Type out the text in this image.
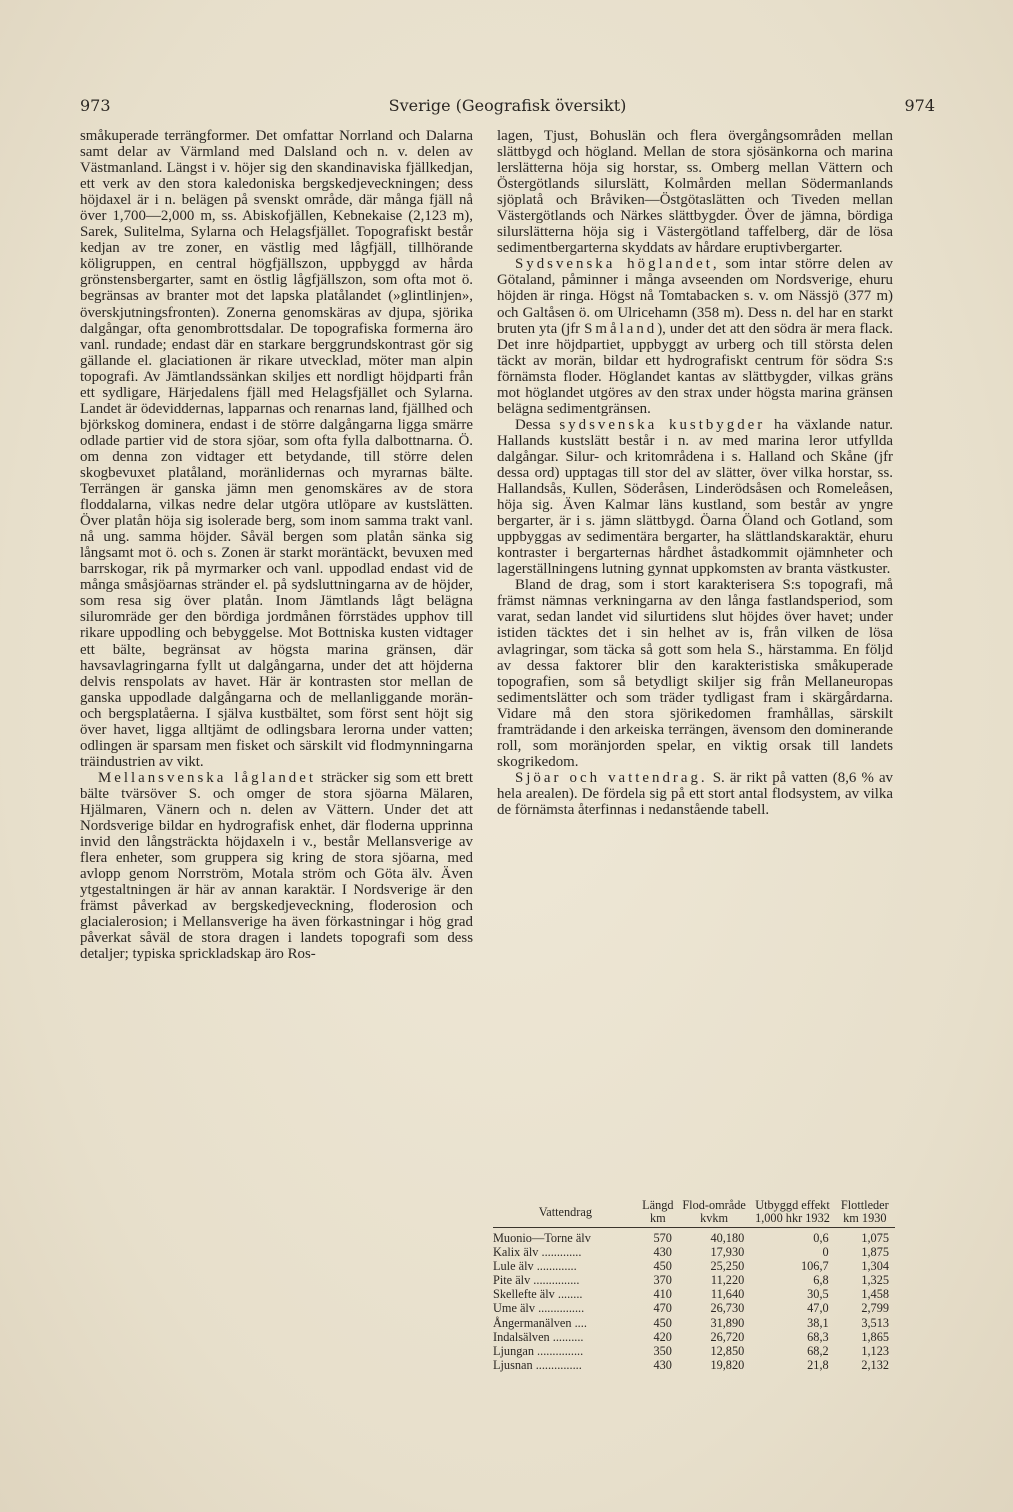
973	Sverige (Geografisk översikt)	974

småkuperade terrängformer. Det omfattar Norrland och Dalarna samt delar av Värmland med Dalsland och n. v. delen av Västmanland. Längst i v. höjer sig den skandinaviska fjällkedjan, ett verk av den stora kaledoniska bergskedjeveckningen; dess höjdaxel är i n. belägen på svenskt område, där många fjäll nå över 1,700—2,000 m, ss. Abiskofjällen, Kebnekaise (2,123 m), Sarek, Sulitelma, Sylarna och Helagsfjället. Topografiskt består kedjan av tre zoner, en västlig med lågfjäll, tillhörande köligruppen, en central högfjällszon, uppbyggd av hårda grönstensbergarter, samt en östlig lågfjällszon, som ofta mot ö. begränsas av branter mot det lapska platålandet (»glintlinjen», överskjutningsfronten). Zonerna genomskäras av djupa, sjörika dalgångar, ofta genombrottsdalar. De topografiska formerna äro vanl. rundade; endast där en starkare berggrundskontrast gör sig gällande el. glaciationen är rikare utvecklad, möter man alpin topografi. Av Jämtlandssänkan skiljes ett nordligt höjdparti från ett sydligare, Härjedalens fjäll med Helagsfjället och Sylarna. Landet är ödeviddernas, lapparnas och renarnas land, fjällhed och björkskog dominera, endast i de större dalgångarna ligga smärre odlade partier vid de stora sjöar, som ofta fylla dalbottnarna. Ö. om denna zon vidtager ett betydande, till större delen skogbevuxet platåland, moränlidernas och myrarnas bälte. Terrängen är ganska jämn men genomskäres av de stora floddalarna, vilkas nedre delar utgöra utlöpare av kustslätten. Över platån höja sig isolerade berg, som inom samma trakt vanl. nå ung. samma höjder. Såväl bergen som platån sänka sig långsamt mot ö. och s. Zonen är starkt moräntäckt, bevuxen med barrskogar, rik på myrmarker och vanl. uppodlad endast vid de många småsjöarnas stränder el. på sydsluttningarna av de höjder, som resa sig över platån. Inom Jämtlands lågt belägna siluromräde ger den bördiga jordmånen förrstädes upphov till rikare uppodling och bebyggelse. Mot Bottniska kusten vidtager ett bälte, begränsat av högsta marina gränsen, där havsavlagringarna fyllt ut dalgångarna, under det att höjderna delvis renspolats av havet. Här är kontrasten stor mellan de ganska uppodlade dalgångarna och de mellanliggande morän- och bergsplatåerna. I själva kustbältet, som först sent höjt sig över havet, ligga alltjämt de odlingsbara lerorna under vatten; odlingen är sparsam men fisket och särskilt vid flodmynningarna träindustrien av vikt.

Mellansvenska låglandet sträcker sig som ett brett bälte tvärsöver S. och omger de stora sjöarna Mälaren, Hjälmaren, Vänern och n. delen av Vättern. Under det att Nordsverige bildar en hydrografisk enhet, där floderna upprinna invid den långsträckta höjdaxeln i v., består Mellansverige av flera enheter, som gruppera sig kring de stora sjöarna, med avlopp genom Norrström, Motala ström och Göta älv. Även ytgestaltningen är här av annan karaktär. I Nordsverige är den främst påverkad av bergskedjeveckning, floderosion och glacialerosion; i Mellansverige ha även förkastningar i hög grad påverkat såväl de stora dragen i landets topografi som dess detaljer; typiska sprickladskap äro Ros-

lagen, Tjust, Bohuslän och flera övergångsområden mellan slättbygd och högland. Mellan de stora sjösänkorna och marina lerslätterna höja sig horstar, ss. Omberg mellan Vättern och Östergötlands silurslätt, Kolmården mellan Södermanlands sjöplatå och Bråviken—Östgötaslätten och Tiveden mellan Västergötlands och Närkes slättbygder. Över de jämna, bördiga silurslätterna höja sig i Västergötland taffelberg, där de lösa sedimentbergarterna skyddats av hårdare eruptivbergarter.

Sydsvenska höglandet, som intar större delen av Götaland, påminner i många avseenden om Nordsverige, ehuru höjden är ringa. Högst nå Tomtabacken s. v. om Nässjö (377 m) och Galtåsen ö. om Ulricehamn (358 m). Dess n. del har en starkt bruten yta (jfr Småland), under det att den södra är mera flack. Det inre höjdpartiet, uppbyggt av urberg och till största delen täckt av morän, bildar ett hydrografiskt centrum för södra S:s förnämsta floder. Höglandet kantas av slättbygder, vilkas gräns mot höglandet utgöres av den strax under högsta marina gränsen belägna sedimentgränsen.

Dessa sydsvenska kustbygder ha växlande natur. Hallands kustslätt består i n. av med marina leror utfyllda dalgångar. Silur- och kritområdena i s. Halland och Skåne (jfr dessa ord) upptagas till stor del av slätter, över vilka horstar, ss. Hallandsås, Kullen, Söderåsen, Linderödsåsen och Romeleåsen, höja sig. Även Kalmar läns kustland, som består av yngre bergarter, är i s. jämn slättbygd. Öarna Öland och Gotland, som uppbyggas av sedimentära bergarter, ha slättlandskaraktär, ehuru kontraster i bergarternas hårdhet åstadkommit ojämnheter och lagerställningens lutning gynnat uppkomsten av branta västkuster.

Bland de drag, som i stort karakterisera S:s topografi, må främst nämnas verkningarna av den långa fastlandsperiod, som varat, sedan landet vid silurtidens slut höjdes över havet; under istiden täcktes det i sin helhet av is, från vilken de lösa avlagringar, som täcka så gott som hela S., härstamma. En följd av dessa faktorer blir den karakteristiska småkuperade topografien, som så betydligt skiljer sig från Mellaneuropas sedimentslätter och som träder tydligast fram i skärgårdarna. Vidare må den stora sjörikedomen framhållas, särskilt framträdande i den arkeiska terrängen, ävensom den dominerande roll, som moränjorden spelar, en viktig orsak till landets skogrikedom.

Sjöar och vattendrag. S. är rikt på vatten (8,6 % av hela arealen). De fördela sig på ett stort antal flodsystem, av vilka de förnämsta återfinnas i nedanstående tabell.

Vattendrag	Längd km	Flod-område kvkm	Utbyggd effekt 1,000 hkr 1932	Flottleder km 1930
Muonio—Torne älv	570	40,180	0,6	1,075
Kalix älv .............	430	17,930	0	1,875
Lule älv .............	450	25,250	106,7	1,304
Pite älv ...............	370	11,220	6,8	1,325
Skellefte älv ........	410	11,640	30,5	1,458
Ume älv ...............	470	26,730	47,0	2,799
Ångermanälven ....	450	31,890	38,1	3,513
Indalsälven ..........	420	26,720	68,3	1,865
Ljungan ...............	350	12,850	68,2	1,123
Ljusnan ...............	430	19,820	21,8	2,132
